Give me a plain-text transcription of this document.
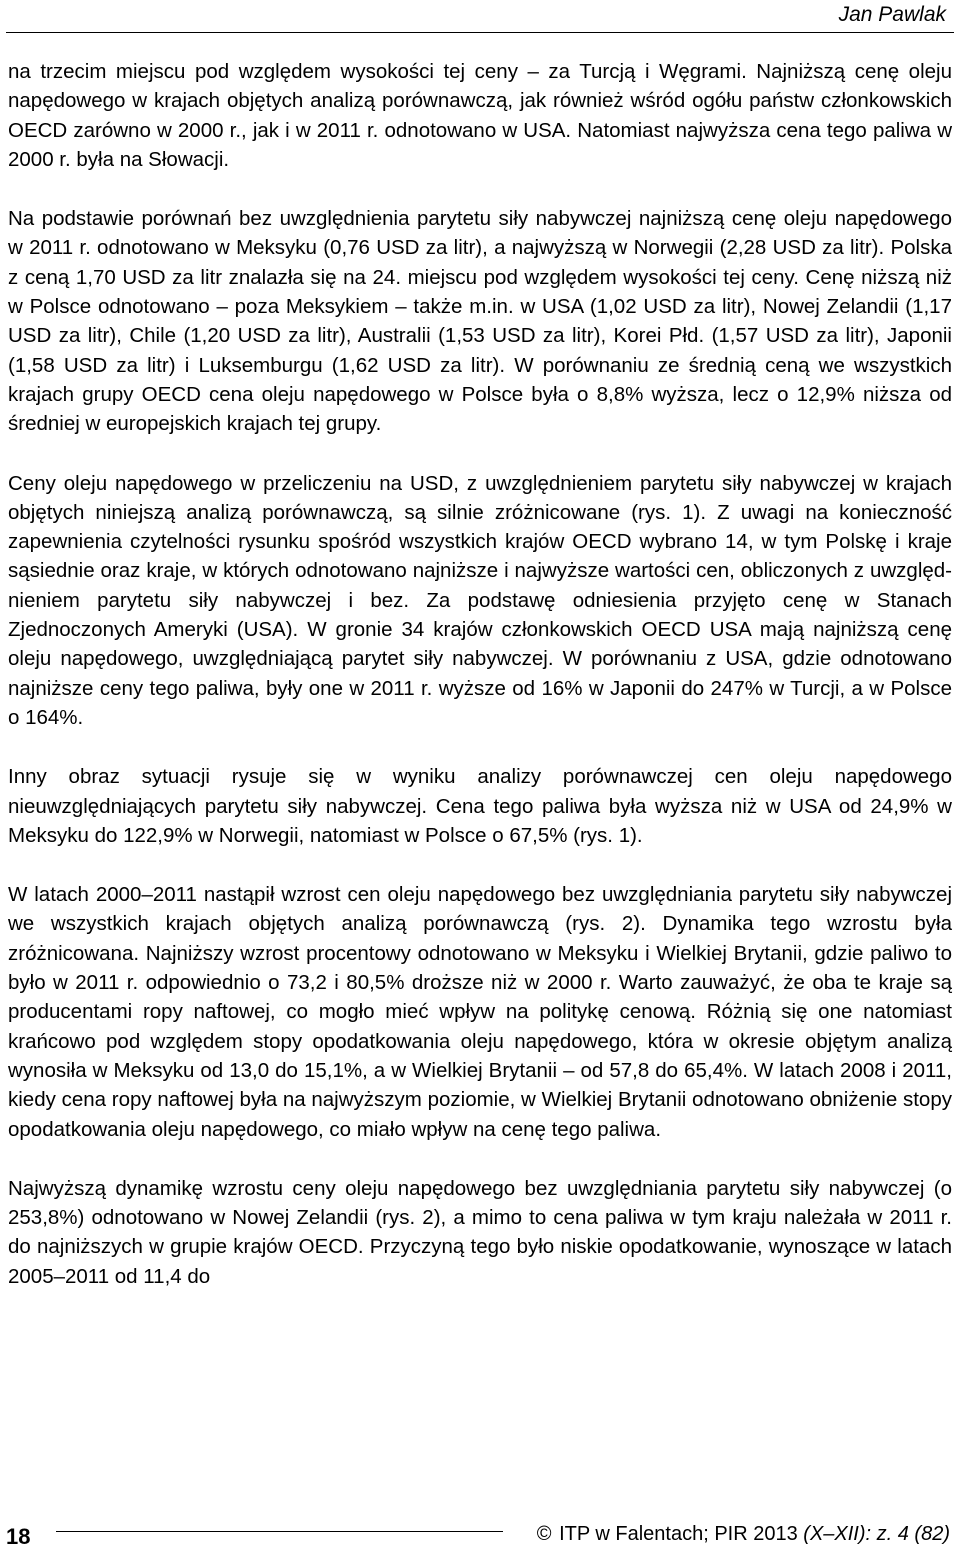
Jan Pawlak

na trzecim miejscu pod względem wysokości tej ceny – za Turcją i Węgrami. Najniższą cenę oleju napędowego w krajach objętych analizą porównawczą, jak również wśród ogółu państw członkowskich OECD zarówno w 2000 r., jak i w 2011 r. odnotowano w USA. Natomiast najwyższa cena tego paliwa w 2000 r. była na Słowacji.

Na podstawie porównań bez uwzględnienia parytetu siły nabywczej najniższą cenę oleju napędowego w 2011 r. odnotowano w Meksyku (0,76 USD za litr), a najwyższą w Norwegii (2,28 USD za litr). Polska z ceną 1,70 USD za litr znalazła się na 24. miejscu pod względem wysokości tej ceny. Cenę niższą niż w Polsce odnotowano – poza Meksykiem – także m.in. w USA (1,02 USD za litr), Nowej Zelandii (1,17 USD za litr), Chile (1,20 USD za litr), Australii (1,53 USD za litr), Korei Płd. (1,57 USD za litr), Japonii (1,58 USD za litr) i Luksemburgu (1,62 USD za litr). W porównaniu ze średnią ceną we wszystkich krajach grupy OECD cena oleju napędowego w Polsce była o 8,8% wyższa, lecz o 12,9% niższa od średniej w europejskich krajach tej grupy.

Ceny oleju napędowego w przeliczeniu na USD, z uwzględnieniem parytetu siły nabywczej w krajach objętych niniejszą analizą porównawczą, są silnie zróżnicowane (rys. 1). Z uwagi na konieczność zapewnienia czytelności rysunku spośród wszystkich krajów OECD wybrano 14, w tym Polskę i kraje sąsiednie oraz kraje, w których odnotowano najniższe i najwyższe wartości cen, obliczonych z uwzględnieniem parytetu siły nabywczej i bez. Za podstawę odniesienia przyjęto cenę w Stanach Zjednoczonych Ameryki (USA). W gronie 34 krajów członkowskich OECD USA mają najniższą cenę oleju napędowego, uwzględniającą parytet siły nabywczej. W porównaniu z USA, gdzie odnotowano najniższe ceny tego paliwa, były one w 2011 r. wyższe od 16% w Japonii do 247% w Turcji, a w Polsce o 164%.

Inny obraz sytuacji rysuje się w wyniku analizy porównawczej cen oleju napędowego nieuwzględniających parytetu siły nabywczej. Cena tego paliwa była wyższa niż w USA od 24,9% w Meksyku do 122,9% w Norwegii, natomiast w Polsce o 67,5% (rys. 1).

W latach 2000–2011 nastąpił wzrost cen oleju napędowego bez uwzględniania parytetu siły nabywczej we wszystkich krajach objętych analizą porównawczą (rys. 2). Dynamika tego wzrostu była zróżnicowana. Najniższy wzrost procentowy odnotowano w Meksyku i Wielkiej Brytanii, gdzie paliwo to było w 2011 r. odpowiednio o 73,2 i 80,5% droższe niż w 2000 r. Warto zauważyć, że oba te kraje są producentami ropy naftowej, co mogło mieć wpływ na politykę cenową. Różnią się one natomiast krańcowo pod względem stopy opodatkowania oleju napędowego, która w okresie objętym analizą wynosiła w Meksyku od 13,0 do 15,1%, a w Wielkiej Brytanii – od 57,8 do 65,4%. W latach 2008 i 2011, kiedy cena ropy naftowej była na najwyższym poziomie, w Wielkiej Brytanii odnotowano obniżenie stopy opodatkowania oleju napędowego, co miało wpływ na cenę tego paliwa.

Najwyższą dynamikę wzrostu ceny oleju napędowego bez uwzględniania parytetu siły nabywczej (o 253,8%) odnotowano w Nowej Zelandii (rys. 2), a mimo to cena paliwa w tym kraju należała w 2011 r. do najniższych w grupie krajów OECD. Przyczyną tego było niskie opodatkowanie, wynoszące w latach 2005–2011 od 11,4 do

18	© ITP w Falentach; PIR 2013 (X–XII): z. 4 (82)
